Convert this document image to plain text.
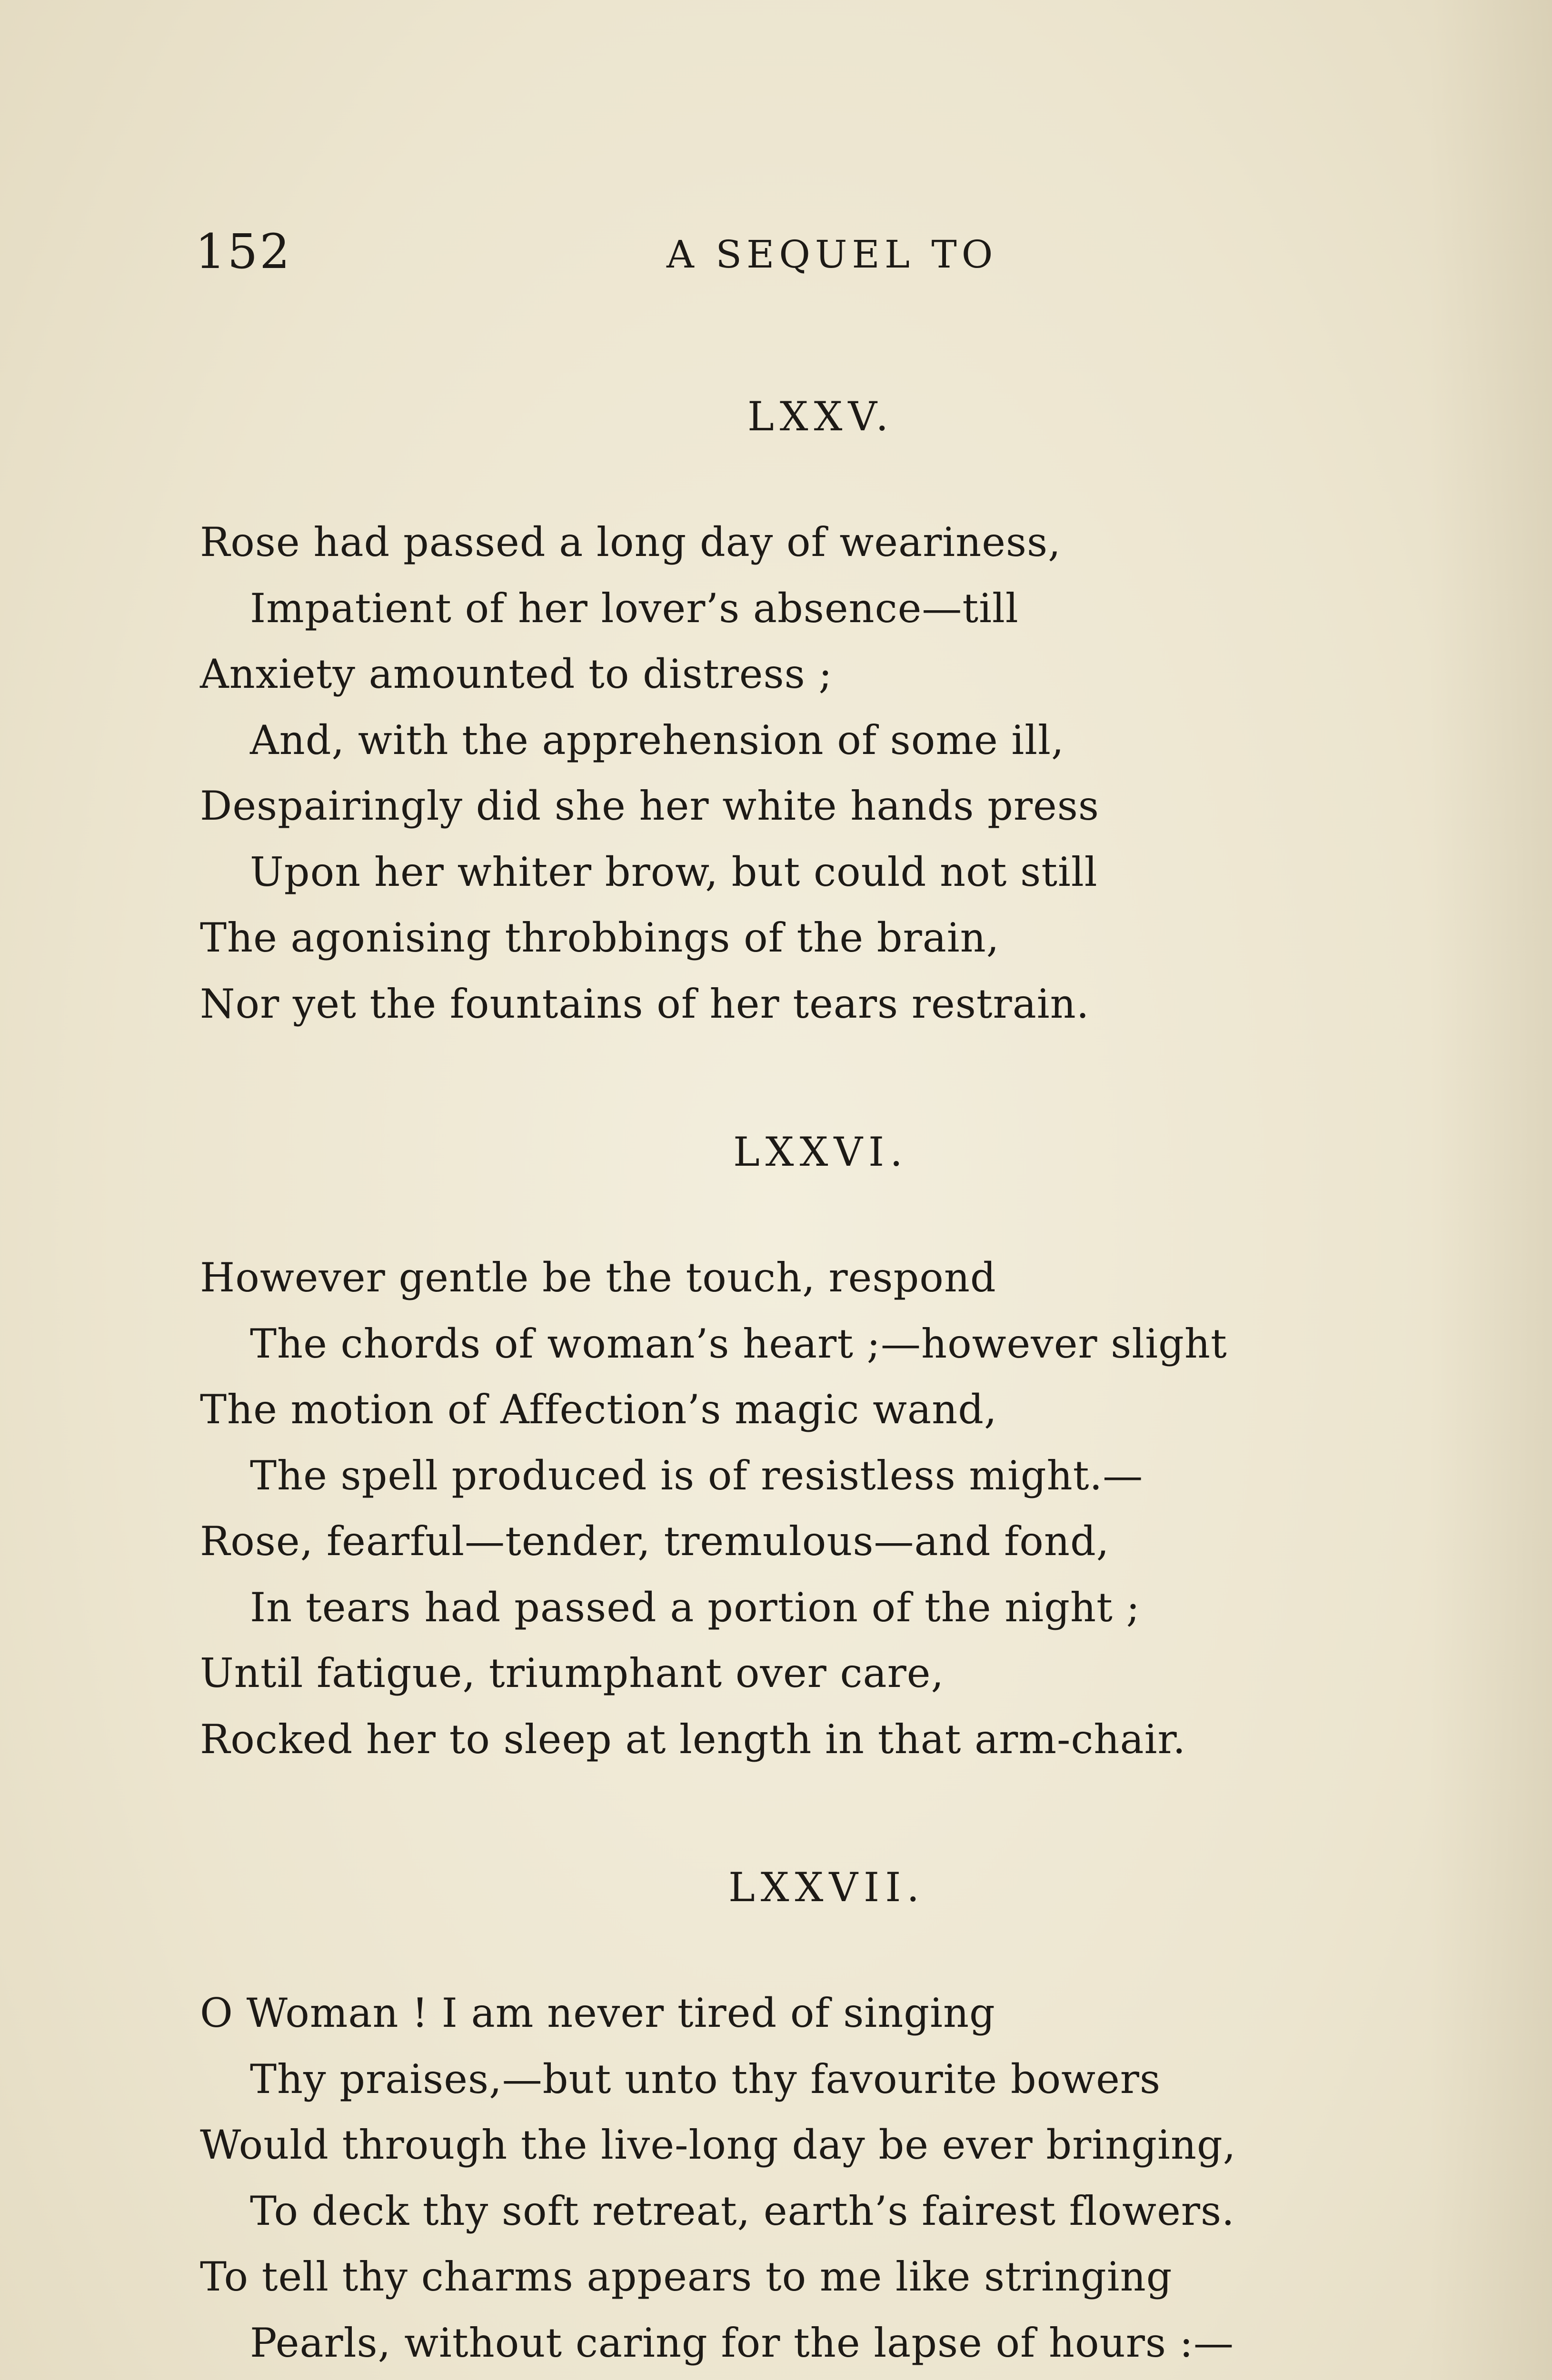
152	A SEQUEL TO
LXXV.
Rose had passed a long day of weariness,
Impatient of her lover’s absence—till
Anxiety amounted to distress ;
And, with the apprehension of some ill,
Despairingly did she her white hands press
Upon her whiter brow, but could not still
The agonising throbbings of the brain,
Nor yet the fountains of her tears restrain.
LXXVI.
However gentle be the touch, respond
The chords of woman’s heart ;—however slight
The motion of Affection’s magic wand,
The spell produced is of resistless might.—
Rose, fearful—tender, tremulous—and fond,
In tears had passed a portion of the night ;
Until fatigue, triumphant over care,
Rocked her to sleep at length in that arm-chair.
LXXVII.
O Woman ! I am never tired of singing
Thy praises,—but unto thy favourite bowers
Would through the live-long day be ever bringing,
To deck thy soft retreat, earth’s fairest flowers.
To tell thy charms appears to me like stringing
Pearls, without caring for the lapse of hours :—
